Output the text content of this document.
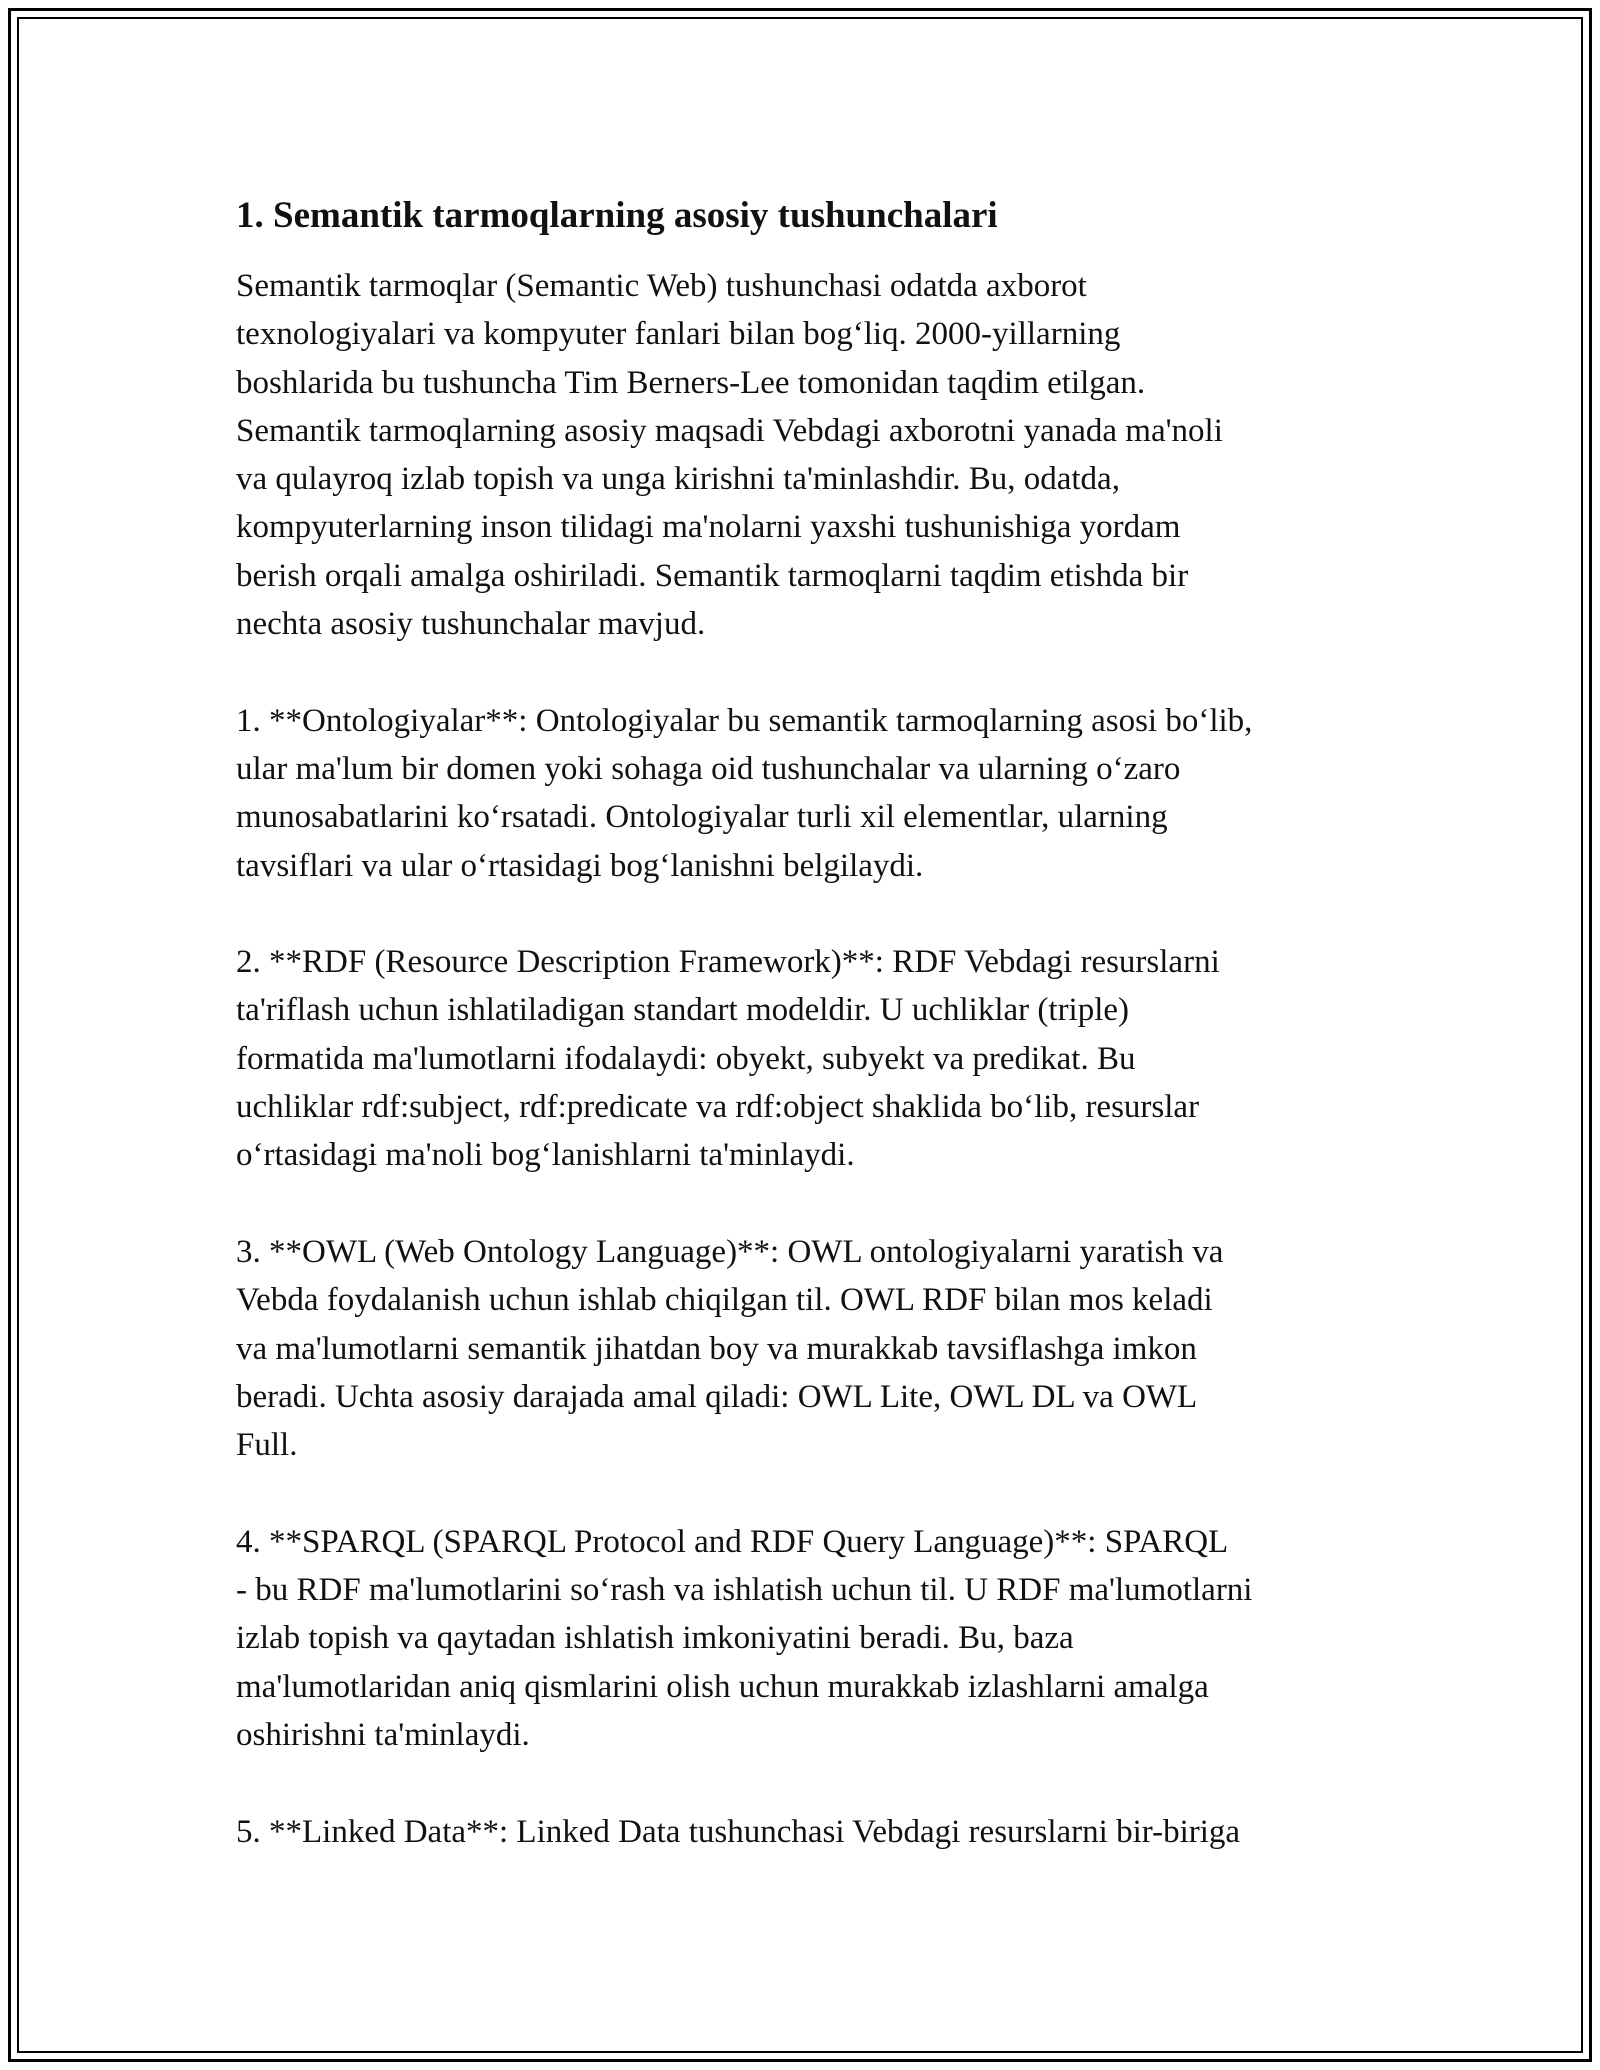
1. Semantik tarmoqlarning asosiy tushunchalari

Semantik tarmoqlar (Semantic Web) tushunchasi odatda axborot
texnologiyalari va kompyuter fanlari bilan bog‘liq. 2000-yillarning
boshlarida bu tushuncha Tim Berners-Lee tomonidan taqdim etilgan.
Semantik tarmoqlarning asosiy maqsadi Vebdagi axborotni yanada ma'noli
va qulayroq izlab topish va unga kirishni ta'minlashdir. Bu, odatda,
kompyuterlarning inson tilidagi ma'nolarni yaxshi tushunishiga yordam
berish orqali amalga oshiriladi. Semantik tarmoqlarni taqdim etishda bir
nechta asosiy tushunchalar mavjud.

1. **Ontologiyalar**: Ontologiyalar bu semantik tarmoqlarning asosi bo‘lib,
ular ma'lum bir domen yoki sohaga oid tushunchalar va ularning o‘zaro
munosabatlarini ko‘rsatadi. Ontologiyalar turli xil elementlar, ularning
tavsiflari va ular o‘rtasidagi bog‘lanishni belgilaydi.

2. **RDF (Resource Description Framework)**: RDF Vebdagi resurslarni
ta'riflash uchun ishlatiladigan standart modeldir. U uchliklar (triple)
formatida ma'lumotlarni ifodalaydi: obyekt, subyekt va predikat. Bu
uchliklar rdf:subject, rdf:predicate va rdf:object shaklida bo‘lib, resurslar
o‘rtasidagi ma'noli bog‘lanishlarni ta'minlaydi.

3. **OWL (Web Ontology Language)**: OWL ontologiyalarni yaratish va
Vebda foydalanish uchun ishlab chiqilgan til. OWL RDF bilan mos keladi
va ma'lumotlarni semantik jihatdan boy va murakkab tavsiflashga imkon
beradi. Uchta asosiy darajada amal qiladi: OWL Lite, OWL DL va OWL
Full.

4. **SPARQL (SPARQL Protocol and RDF Query Language)**: SPARQL
- bu RDF ma'lumotlarini so‘rash va ishlatish uchun til. U RDF ma'lumotlarni
izlab topish va qaytadan ishlatish imkoniyatini beradi. Bu, baza
ma'lumotlaridan aniq qismlarini olish uchun murakkab izlashlarni amalga
oshirishni ta'minlaydi.

5. **Linked Data**: Linked Data tushunchasi Vebdagi resurslarni bir-biriga
